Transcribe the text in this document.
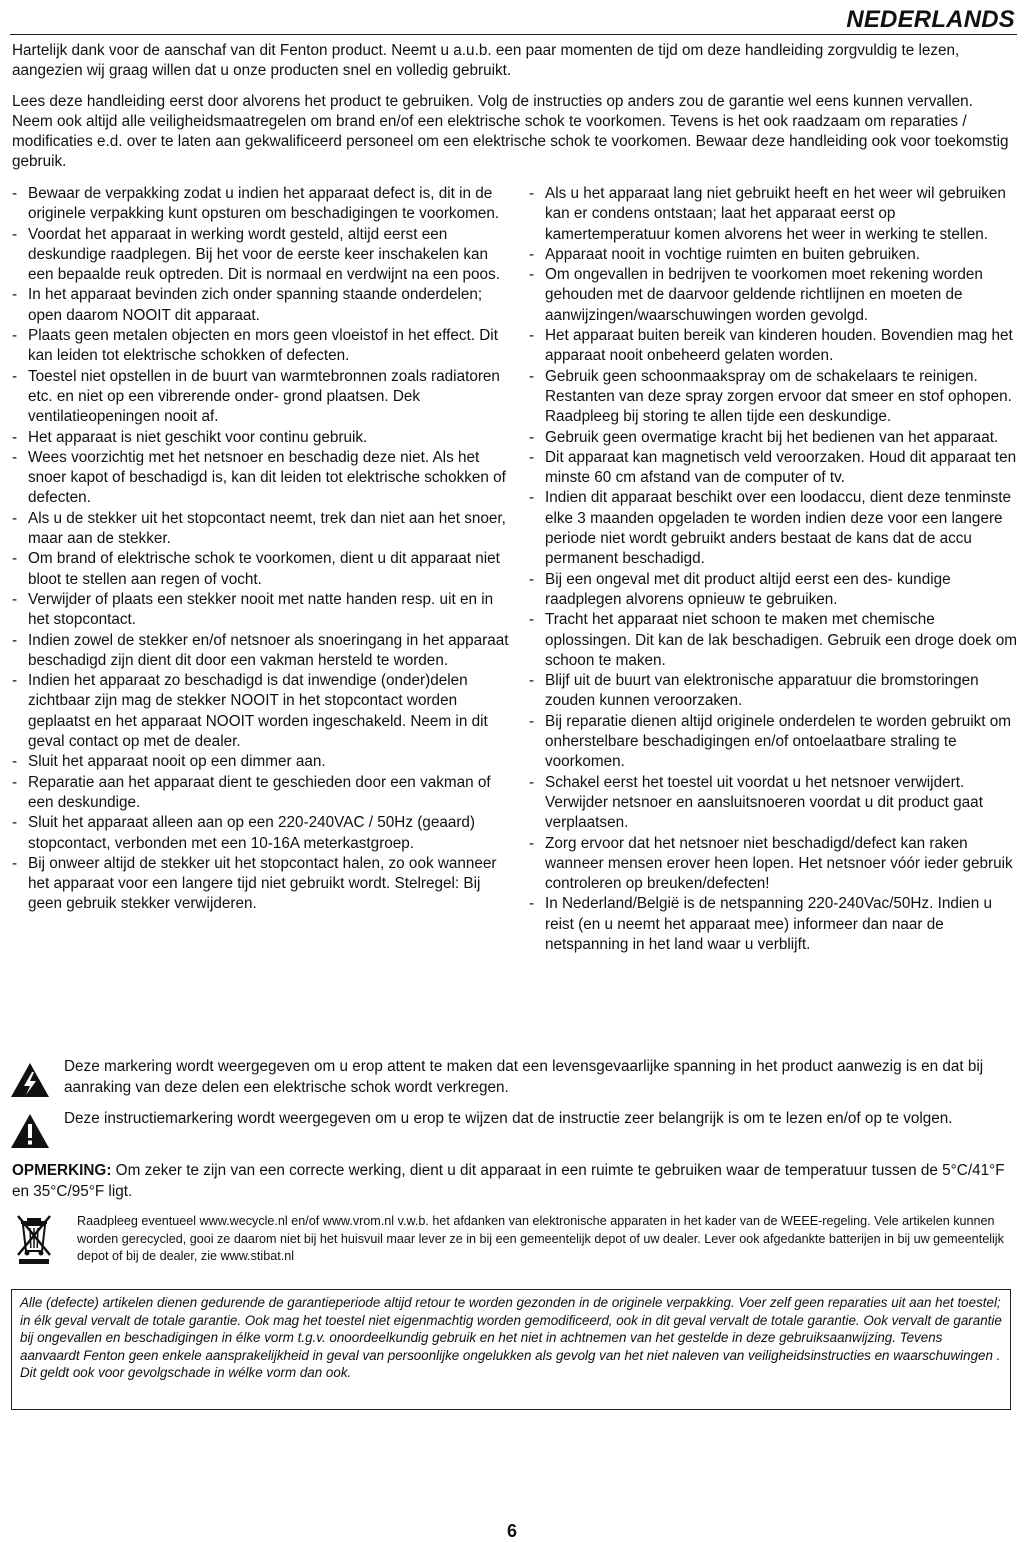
NEDERLANDS

Hartelijk dank voor de aanschaf van dit Fenton product. Neemt u a.u.b. een paar momenten de tijd om deze handleiding zorgvuldig te lezen, aangezien wij graag willen dat u onze producten snel en volledig gebruikt.

Lees deze handleiding eerst door alvorens het product te gebruiken. Volg de instructies op anders zou de garantie wel eens kunnen vervallen. Neem ook altijd alle veiligheidsmaatregelen om brand en/of een elektrische schok te voorkomen. Tevens is het ook raadzaam om reparaties / modificaties e.d. over te laten aan gekwalificeerd personeel om een elektrische schok te voorkomen. Bewaar deze handleiding ook voor toekomstig gebruik.

- Bewaar de verpakking zodat u indien het apparaat defect is, dit in de originele verpakking kunt opsturen om beschadigingen te voorkomen.
- Voordat het apparaat in werking wordt gesteld, altijd eerst een deskundige raadplegen. Bij het voor de eerste keer inschakelen kan een bepaalde reuk optreden. Dit is normaal en verdwijnt na een poos.
- In het apparaat bevinden zich onder spanning staande onderdelen; open daarom NOOIT dit apparaat.
- Plaats geen metalen objecten en mors geen vloeistof in het effect. Dit kan leiden tot elektrische schokken of defecten.
- Toestel niet opstellen in de buurt van warmtebronnen zoals radiatoren etc. en niet op een vibrerende onder- grond plaatsen. Dek ventilatieopeningen nooit af.
- Het apparaat is niet geschikt voor continu gebruik.
- Wees voorzichtig met het netsnoer en beschadig deze niet. Als het snoer kapot of beschadigd is, kan dit leiden tot elektrische schokken of defecten.
- Als u de stekker uit het stopcontact neemt, trek dan niet aan het snoer, maar aan de stekker.
- Om brand of elektrische schok te voorkomen, dient u dit apparaat niet bloot te stellen aan regen of vocht.
- Verwijder of plaats een stekker nooit met natte handen resp. uit en in het stopcontact.
- Indien zowel de stekker en/of netsnoer als snoeringang in het apparaat beschadigd zijn dient dit door een vakman hersteld te worden.
- Indien het apparaat zo beschadigd is dat inwendige (onder)delen zichtbaar zijn mag de stekker NOOIT in het stopcontact worden geplaatst en het apparaat NOOIT worden ingeschakeld. Neem in dit geval contact op met de dealer.
- Sluit het apparaat nooit op een dimmer aan.
- Reparatie aan het apparaat dient te geschieden door een vakman of een deskundige.
- Sluit het apparaat alleen aan op een 220-240VAC / 50Hz (geaard) stopcontact, verbonden met een 10-16A meterkastgroep.
- Bij onweer altijd de stekker uit het stopcontact halen, zo ook wanneer het apparaat voor een langere tijd niet gebruikt wordt. Stelregel: Bij geen gebruik stekker verwijderen.
- Als u het apparaat lang niet gebruikt heeft en het weer wil gebruiken kan er condens ontstaan; laat het apparaat eerst op kamertemperatuur komen alvorens het weer in werking te stellen.
- Apparaat nooit in vochtige ruimten en buiten gebruiken.
- Om ongevallen in bedrijven te voorkomen moet rekening worden gehouden met de daarvoor geldende richtlijnen en moeten de aanwijzingen/waarschuwingen worden gevolgd.
- Het apparaat buiten bereik van kinderen houden. Bovendien mag het apparaat nooit onbeheerd gelaten worden.
- Gebruik geen schoonmaakspray om de schakelaars te reinigen. Restanten van deze spray zorgen ervoor dat smeer en stof ophopen. Raadpleeg bij storing te allen tijde een deskundige.
- Gebruik geen overmatige kracht bij het bedienen van het apparaat.
- Dit apparaat kan magnetisch veld veroorzaken. Houd dit apparaat ten minste 60 cm afstand van de computer of tv.
- Indien dit apparaat beschikt over een loodaccu, dient deze tenminste elke 3 maanden opgeladen te worden indien deze voor een langere periode niet wordt gebruikt anders bestaat de kans dat de accu permanent beschadigd.
- Bij een ongeval met dit product altijd eerst een des- kundige raadplegen alvorens opnieuw te gebruiken.
- Tracht het apparaat niet schoon te maken met chemische oplossingen. Dit kan de lak beschadigen. Gebruik een droge doek om schoon te maken.
- Blijf uit de buurt van elektronische apparatuur die bromstoringen zouden kunnen veroorzaken.
- Bij reparatie dienen altijd originele onderdelen te worden gebruikt om onherstelbare beschadigingen en/of ontoelaatbare straling te voorkomen.
- Schakel eerst het toestel uit voordat u het netsnoer verwijdert. Verwijder netsnoer en aansluitsnoeren voordat u dit product gaat verplaatsen.
- Zorg ervoor dat het netsnoer niet beschadigd/defect kan raken wanneer mensen erover heen lopen. Het netsnoer vóór ieder gebruik controleren op breuken/defecten!
- In Nederland/België is de netspanning 220-240Vac/50Hz. Indien u reist (en u neemt het apparaat mee) informeer dan naar de netspanning in het land waar u verblijft.
Deze markering wordt weergegeven om u erop attent te maken dat een levensgevaarlijke spanning in het product aanwezig is en dat bij aanraking van deze delen een elektrische schok wordt verkregen.
Deze instructiemarkering wordt weergegeven om u erop te wijzen dat de instructie zeer belangrijk is om te lezen en/of op te volgen.
OPMERKING: Om zeker te zijn van een correcte werking, dient u dit apparaat in een ruimte te gebruiken waar de temperatuur tussen de 5°C/41°F en 35°C/95°F ligt.
Raadpleeg eventueel www.wecycle.nl en/of www.vrom.nl v.w.b. het afdanken van elektronische apparaten in het kader van de WEEE-regeling. Vele artikelen kunnen worden gerecycled, gooi ze daarom niet bij het huisvuil maar lever ze in bij een gemeentelijk depot of uw dealer. Lever ook afgedankte batterijen in bij uw gemeentelijk depot of bij de dealer, zie www.stibat.nl
Alle (defecte) artikelen dienen gedurende de garantieperiode altijd retour te worden gezonden in de originele verpakking. Voer zelf geen reparaties uit aan het toestel; in élk geval vervalt de totale garantie. Ook mag het toestel niet eigenmachtig worden gemodificeerd, ook in dit geval vervalt de totale garantie. Ook vervalt de garantie bij ongevallen en beschadigingen in élke vorm t.g.v. onoordeelkundig gebruik en het niet in achtnemen van het gestelde in deze gebruiksaanwijzing. Tevens aanvaardt Fenton geen enkele aansprakelijkheid in geval van persoonlijke ongelukken als gevolg van het niet naleven van veiligheidsinstructies en waarschuwingen . Dit geldt ook voor gevolgschade in wélke vorm dan ook.
6
